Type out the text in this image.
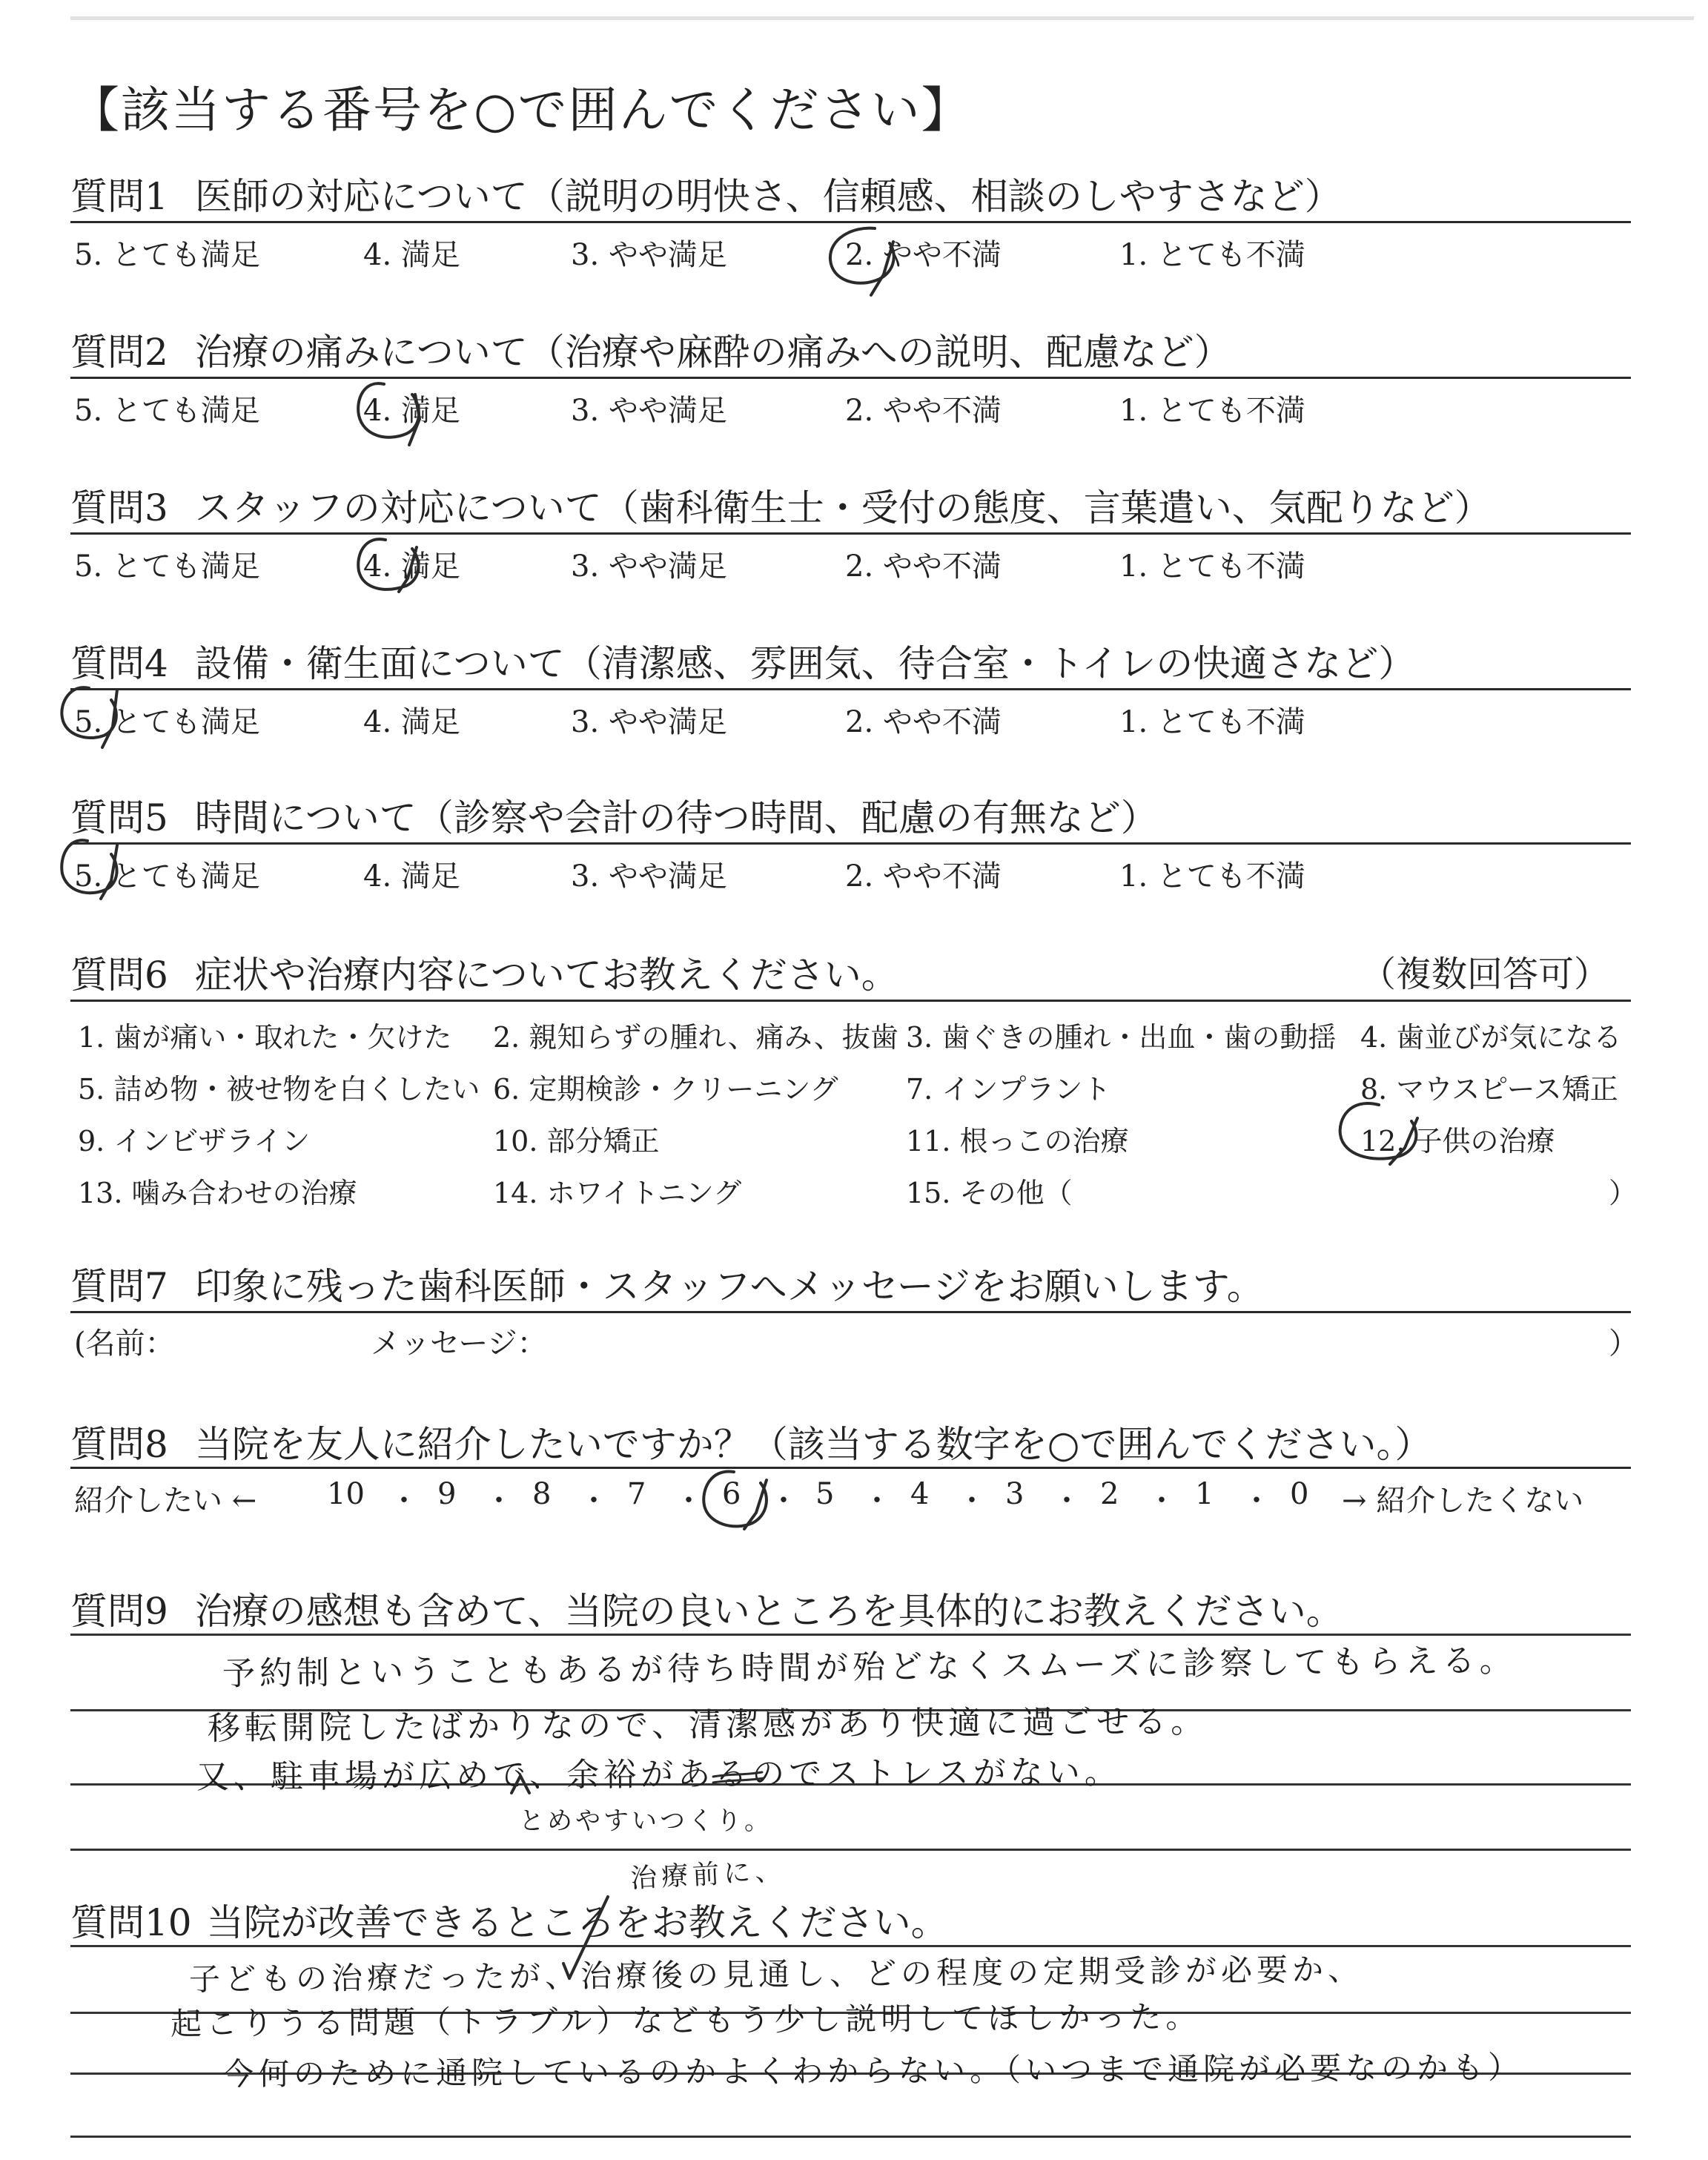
【該当する番号を○で囲んでください】
質問1 医師の対応について（説明の明快さ、信頼感、相談のしやすさなど）
5. とても満足	4. 満足	3. やや満足	2. やや不満	1. とても不満
質問2 治療の痛みについて（治療や麻酔の痛みへの説明、配慮など）
5. とても満足	4. 満足	3. やや満足	2. やや不満	1. とても不満
質問3 スタッフの対応について（歯科衛生士・受付の態度、言葉遣い、気配りなど）
5. とても満足	4. 満足	3. やや満足	2. やや不満	1. とても不満
質問4 設備・衛生面について（清潔感、雰囲気、待合室・トイレの快適さなど）
5. とても満足	4. 満足	3. やや満足	2. やや不満	1. とても不満
質問5 時間について（診察や会計の待つ時間、配慮の有無など）
5. とても満足	4. 満足	3. やや満足	2. やや不満	1. とても不満
質問6 症状や治療内容についてお教えください。	（複数回答可）
1. 歯が痛い・取れた・欠けた 2. 親知らずの腫れ、痛み、抜歯 3. 歯ぐきの腫れ・出血・歯の動揺 4. 歯並びが気になる
5. 詰め物・被せ物を白くしたい 6. 定期検診・クリーニング 7. インプラント	8. マウスピース矯正
9. インビザライン	10. 部分矯正	11. 根っこの治療	12. 子供の治療
13. 噛み合わせの治療	14. ホワイトニング	15. その他（	）
質問7 印象に残った歯科医師・スタッフへメッセージをお願いします。
(名前：	メッセージ：	）
質問8 当院を友人に紹介したいですか？（該当する数字を○で囲んでください。）
紹介したい ←	→ 紹介したくない
10 9	8	7	6	5	4	3	2	1	0
・ ・ ・ ・ ・ ・ ・ ・ ・ ・
質問9 治療の感想も含めて、当院の良いところを具体的にお教えください。
予約制ということもあるが待ち時間が殆どなくスムーズに診察してもらえる。
移転開院したばかりなので、清潔感があり快適に過ごせる。
又、駐車場が広めで、余裕があるのでストレスがない。
とめやすいつくり。
治療前に、
質問10 当院が改善できるところをお教えください。
子どもの治療だったが、治療後の見通し、どの程度の定期受診が必要か、
起こりうる問題（トラブル）などもう少し説明してほしかった。
今何のために通院しているのかよくわからない。（いつまで通院が必要なのかも）
